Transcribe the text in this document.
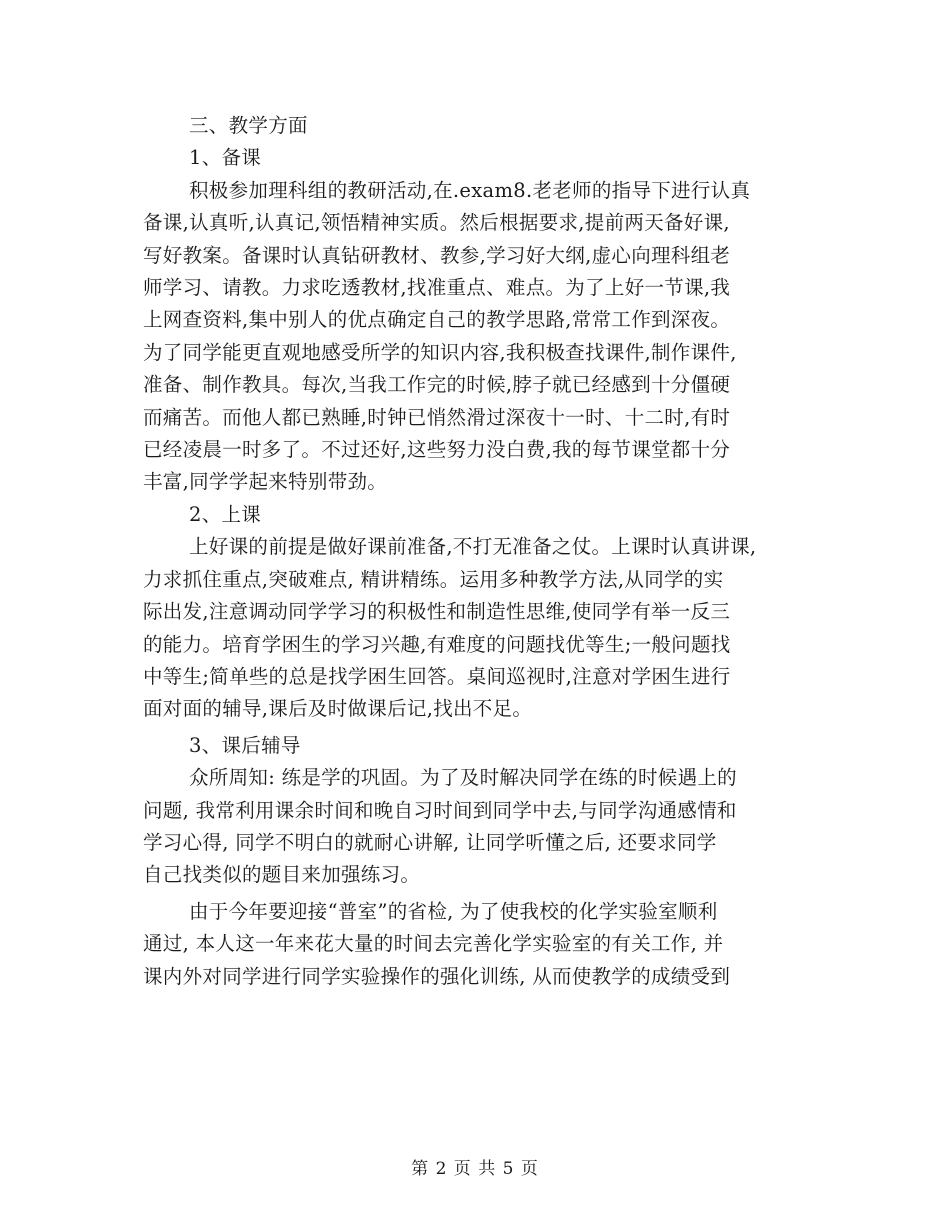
三、教学方面
1、备课
积极参加理科组的教研活动,在.exam8.老老师的指导下进行认真
备课,认真听,认真记,领悟精神实质。然后根据要求,提前两天备好课,
写好教案。备课时认真钻研教材、教参,学习好大纲,虚心向理科组老
师学习、请教。力求吃透教材,找准重点、难点。为了上好一节课,我
上网查资料,集中别人的优点确定自己的教学思路,常常工作到深夜。
为了同学能更直观地感受所学的知识内容,我积极查找课件,制作课件,
准备、制作教具。每次,当我工作完的时候,脖子就已经感到十分僵硬
而痛苦。而他人都已熟睡,时钟已悄然滑过深夜十一时、十二时,有时
已经凌晨一时多了。不过还好,这些努力没白费,我的每节课堂都十分
丰富,同学学起来特别带劲。
2、上课
上好课的前提是做好课前准备,不打无准备之仗。上课时认真讲课,
力求抓住重点,突破难点, 精讲精练。运用多种教学方法,从同学的实
际出发,注意调动同学学习的积极性和制造性思维,使同学有举一反三
的能力。培育学困生的学习兴趣,有难度的问题找优等生;一般问题找
中等生;简单些的总是找学困生回答。桌间巡视时,注意对学困生进行
面对面的辅导,课后及时做课后记,找出不足。
3、课后辅导
众所周知: 练是学的巩固。为了及时解决同学在练的时候遇上的
问题, 我常利用课余时间和晚自习时间到同学中去,与同学沟通感情和
学习心得, 同学不明白的就耐心讲解, 让同学听懂之后, 还要求同学
自己找类似的题目来加强练习。
由于今年要迎接“普室”的省检, 为了使我校的化学实验室顺利
通过, 本人这一年来花大量的时间去完善化学实验室的有关工作, 并
课内外对同学进行同学实验操作的强化训练, 从而使教学的成绩受到
第 2 页 共 5 页
